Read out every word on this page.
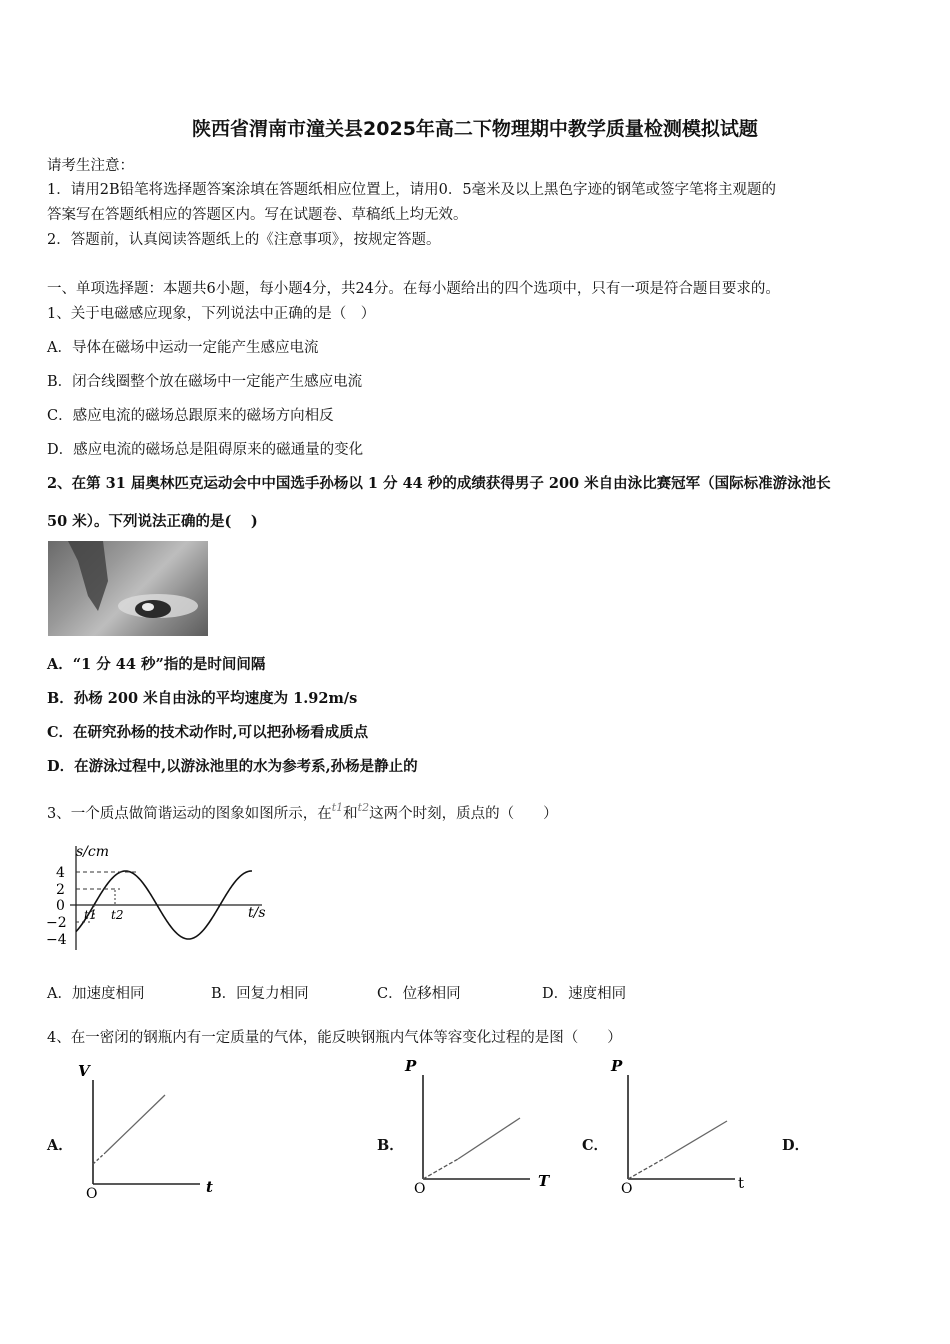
陕西省渭南市潼关县2025年高二下物理期中教学质量检测模拟试题
请考生注意：
1．请用2B铅笔将选择题答案涂填在答题纸相应位置上，请用0．5毫米及以上黑色字迹的钢笔或签字笔将主观题的
答案写在答题纸相应的答题区内。写在试题卷、草稿纸上均无效。
2．答题前，认真阅读答题纸上的《注意事项》，按规定答题。
一、单项选择题：本题共6小题，每小题4分，共24分。在每小题给出的四个选项中，只有一项是符合题目要求的。
1、关于电磁感应现象，下列说法中正确的是（　）
A．导体在磁场中运动一定能产生感应电流
B．闭合线圈整个放在磁场中一定能产生感应电流
C．感应电流的磁场总跟原来的磁场方向相反
D．感应电流的磁场总是阻碍原来的磁通量的变化
2、在第 31 届奥林匹克运动会中中国选手孙杨以 1 分 44 秒的成绩获得男子 200 米自由泳比赛冠军（国际标准游泳池长
50 米）。下列说法正确的是(　 )
A．“1 分 44 秒”指的是时间间隔
B．孙杨 200 米自由泳的平均速度为 1.92m/s
C．在研究孙杨的技术动作时,可以把孙杨看成质点
D．在游泳过程中,以游泳池里的水为参考系,孙杨是静止的
3、一个质点做简谐运动的图象如图所示，在$^{t1}$和$^{t2}$这两个时刻，质点的（　　）
s/cm
4
2
0
−2
−4
t1 t2	t/s
A．加速度相同	B．回复力相同	C．位移相同	D．速度相同
4、在一密闭的钢瓶内有一定质量的气体，能反映钢瓶内气体等容变化过程的是图（　　）
A．
V
O	t
B．
P
O	T
C．
P
O	t
D．
